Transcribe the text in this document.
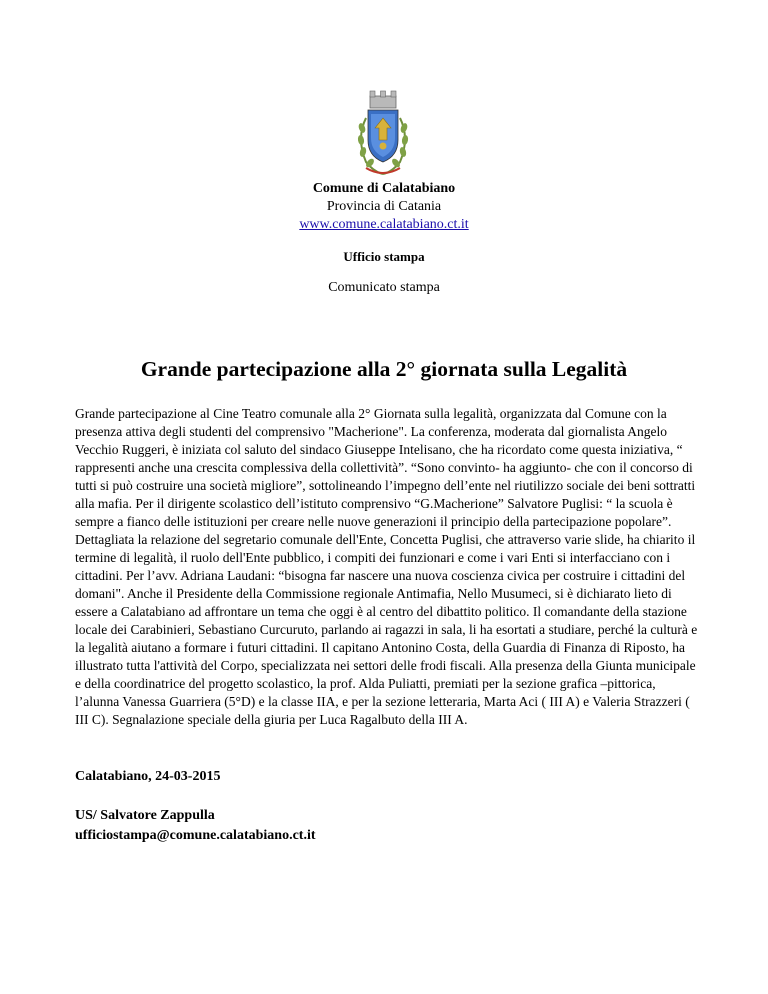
Comune di Calatabiano
Provincia di Catania
www.comune.calatabiano.ct.it
Ufficio stampa
Comunicato stampa
Grande partecipazione alla 2° giornata sulla Legalità
Grande partecipazione al Cine Teatro comunale alla 2° Giornata sulla legalità, organizzata dal Comune con la presenza attiva degli studenti del comprensivo "Macherione". La conferenza, moderata dal giornalista Angelo Vecchio Ruggeri, è iniziata col saluto del sindaco Giuseppe Intelisano, che ha ricordato come questa iniziativa, “ rappresenti anche una crescita complessiva della collettività”. “Sono convinto- ha aggiunto- che con il concorso di tutti si può costruire una società migliore”, sottolineando l’impegno dell’ente nel riutilizzo sociale dei beni sottratti alla mafia. Per il dirigente scolastico dell’istituto comprensivo “G.Macherione” Salvatore Puglisi: “ la scuola è sempre a fianco delle istituzioni per creare nelle nuove generazioni il principio della partecipazione popolare”. Dettagliata la relazione del segretario comunale dell'Ente, Concetta Puglisi, che attraverso varie slide, ha chiarito il termine di legalità, il ruolo dell'Ente pubblico, i compiti dei funzionari e come i vari Enti si interfacciano con i cittadini. Per l’avv. Adriana Laudani: “bisogna far nascere una nuova coscienza civica per costruire i cittadini del domani". Anche il Presidente della Commissione regionale Antimafia, Nello Musumeci, si è dichiarato lieto di essere a Calatabiano ad affrontare un tema che oggi è al centro del dibattito politico. Il comandante della stazione locale dei Carabinieri, Sebastiano Curcuruto, parlando ai ragazzi in sala, li ha esortati a studiare, perché la culturà e la legalità aiutano a formare i futuri cittadini. Il capitano Antonino Costa, della Guardia di Finanza di Riposto, ha illustrato tutta l'attività del Corpo, specializzata nei settori delle frodi fiscali. Alla presenza della Giunta municipale e della coordinatrice del progetto scolastico, la prof. Alda Puliatti, premiati per la sezione grafica –pittorica, l’alunna Vanessa Guarriera (5°D) e la classe IIA, e per la sezione letteraria, Marta Aci ( III A) e Valeria Strazzeri ( III C). Segnalazione speciale della giuria per Luca Ragalbuto della III A.
Calatabiano, 24-03-2015
US/ Salvatore Zappulla
ufficiostampa@comune.calatabiano.ct.it
